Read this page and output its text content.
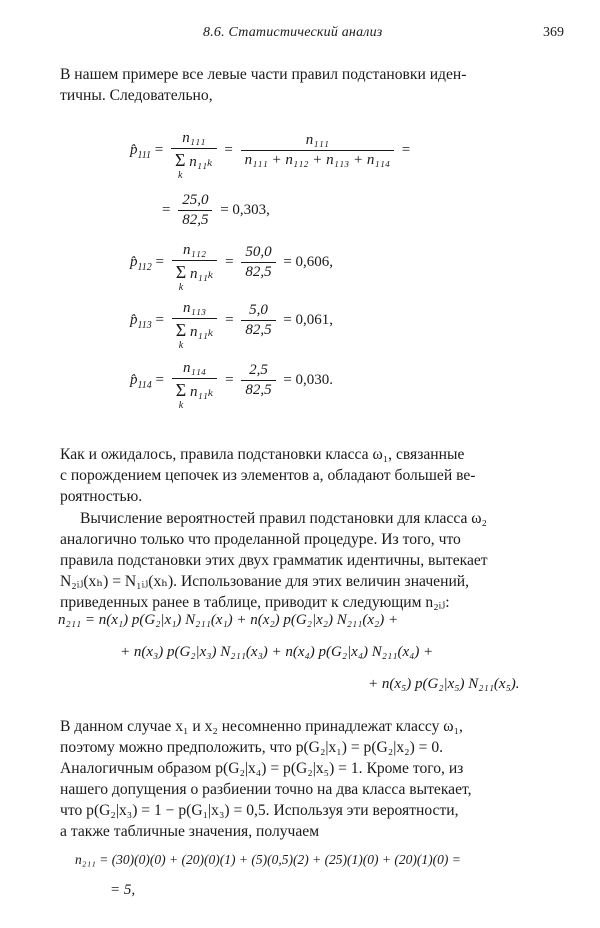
8.6. Статистический анализ	369
В нашем примере все левые части правил подстановки иден-
тичны. Следовательно,
$p̂_{111} = n_{111}$
Σ
k
$n_{11k} = \frac{\text{n₁₁₁}}{\text{n₁₁₁ + n₁₁₂ + n₁₁₃ + n₁₁₄}}$ =
= $\frac{25,0}{82,5} = 0,303$,
$p̂_{112} = n_{112}$
Σ
k
$n_{11k} = \frac{50,0}{82,5} = 0,606$,
$p̂_{113} = n_{113}$
Σ
k
$n_{11k} = \frac{5,0}{82,5} = 0,061$,
$p̂_{114} = n_{114}$
Σ
k
$n_{11k} = \frac{2,5}{82,5} = 0,030$.
Как и ожидалось, правила подстановки класса ω₁, связанные
с порождением цепочек из элементов a, обладают большей ве-
роятностью.
Вычисление вероятностей правил подстановки для класса ω₂
аналогично только что проделанной процедуре. Из того, что
правила подстановки этих двух грамматик идентичны, вытекает
N₂ᵢⱼ(xₕ) = N₁ᵢⱼ(xₕ). Использование для этих величин значений,
приведенных ранее в таблице, приводит к следующим n₂ᵢⱼ:
n₂₁₁ = n(x₁) p(G₂|x₁) N₂₁₁(x₁) + n(x₂) p(G₂|x₂) N₂₁₁(x₂) +
+ n(x₃) p(G₂|x₃) N₂₁₁(x₃) + n(x₄) p(G₂|x₄) N₂₁₁(x₄) +
+ n(x₅) p(G₂|x₅) N₂₁₁(x₅).
В данном случае x₁ и x₂ несомненно принадлежат классу ω₁,
поэтому можно предположить, что p(G₂|x₁) = p(G₂|x₂) = 0.
Аналогичным образом p(G₂|x₄) = p(G₂|x₅) = 1. Кроме того, из
нашего допущения о разбиении точно на два класса вытекает,
что p(G₂|x₃) = 1 − p(G₁|x₃) = 0,5. Используя эти вероятности,
а также табличные значения, получаем
n₂₁₁ = (30)(0)(0) + (20)(0)(1) + (5)(0,5)(2) + (25)(1)(0) + (20)(1)(0) =
= 5,
